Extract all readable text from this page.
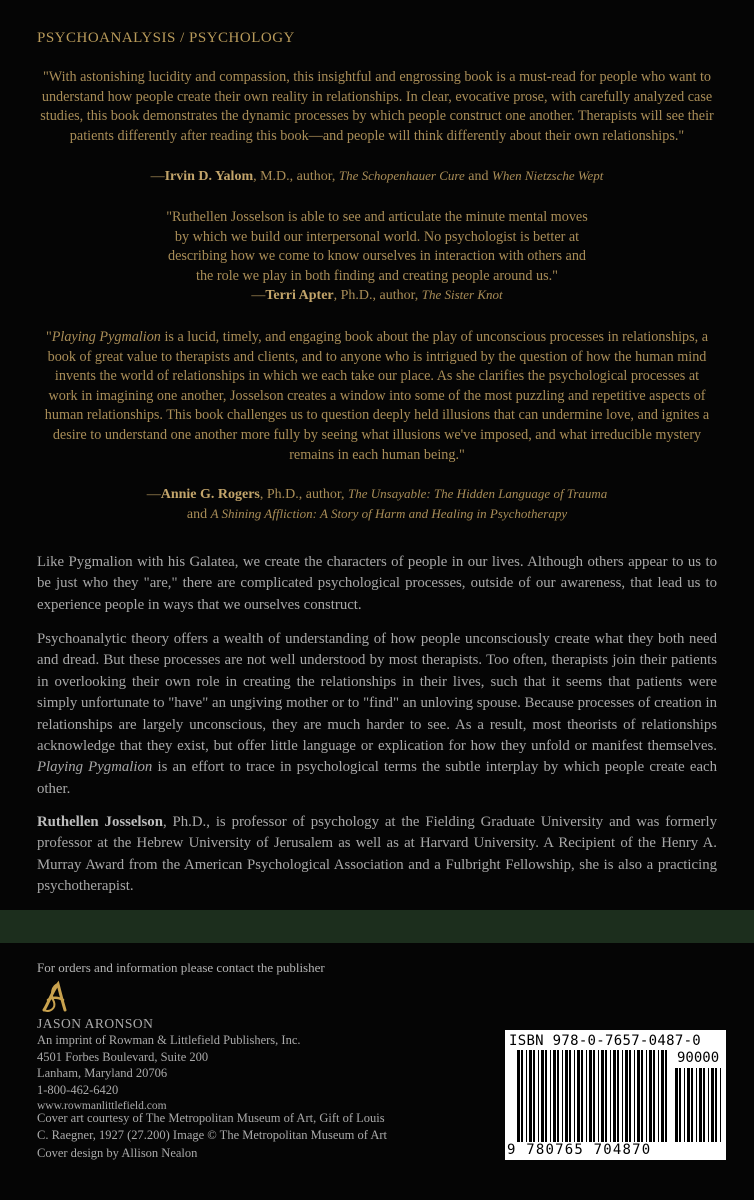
PSYCHOANALYSIS / PSYCHOLOGY

"With astonishing lucidity and compassion, this insightful and engrossing book is a must-read for people who want to understand how people create their own reality in relationships. In clear, evocative prose, with carefully analyzed case studies, this book demonstrates the dynamic processes by which people construct one another. Therapists will see their patients differently after reading this book—and people will think differently about their own relationships."

—Irvin D. Yalom, M.D., author, The Schopenhauer Cure and When Nietzsche Wept

"Ruthellen Josselson is able to see and articulate the minute mental moves by which we build our interpersonal world. No psychologist is better at describing how we come to know ourselves in interaction with others and the role we play in both finding and creating people around us."

—Terri Apter, Ph.D., author, The Sister Knot

"Playing Pygmalion is a lucid, timely, and engaging book about the play of unconscious processes in relationships, a book of great value to therapists and clients, and to anyone who is intrigued by the question of how the human mind invents the world of relationships in which we each take our place. As she clarifies the psychological processes at work in imagining one another, Josselson creates a window into some of the most puzzling and repetitive aspects of human relationships. This book challenges us to question deeply held illusions that can undermine love, and ignites a desire to understand one another more fully by seeing what illusions we've imposed, and what irreducible mystery remains in each human being."

—Annie G. Rogers, Ph.D., author, The Unsayable: The Hidden Language of Trauma

and A Shining Affliction: A Story of Harm and Healing in Psychotherapy

Like Pygmalion with his Galatea, we create the characters of people in our lives. Although others appear to us to be just who they "are," there are complicated psychological processes, outside of our awareness, that lead us to experience people in ways that we ourselves construct.

Psychoanalytic theory offers a wealth of understanding of how people unconsciously create what they both need and dread. But these processes are not well understood by most therapists. Too often, therapists join their patients in overlooking their own role in creating the relationships in their lives, such that it seems that patients were simply unfortunate to "have" an ungiving mother or to "find" an unloving spouse. Because processes of creation in relationships are largely unconscious, they are much harder to see. As a result, most theorists of relationships acknowledge that they exist, but offer little language or explication for how they unfold or manifest themselves. Playing Pygmalion is an effort to trace in psychological terms the subtle interplay by which people create each other.

Ruthellen Josselson, Ph.D., is professor of psychology at the Fielding Graduate University and was formerly professor at the Hebrew University of Jerusalem as well as at Harvard University. A Recipient of the Henry A. Murray Award from the American Psychological Association and a Fulbright Fellowship, she is also a practicing psychotherapist.

For orders and information please contact the publisher

JASON ARONSON

An imprint of Rowman & Littlefield Publishers, Inc.
4501 Forbes Boulevard, Suite 200
Lanham, Maryland 20706
1-800-462-6420
www.rowmanlittlefield.com
Cover art courtesy of The Metropolitan Museum of Art, Gift of Louis
C. Raegner, 1927 (27.200) Image © The Metropolitan Museum of Art
Cover design by Allison Nealon
ISBN 978-0-7657-0487-0
90000
9 780765 704870
